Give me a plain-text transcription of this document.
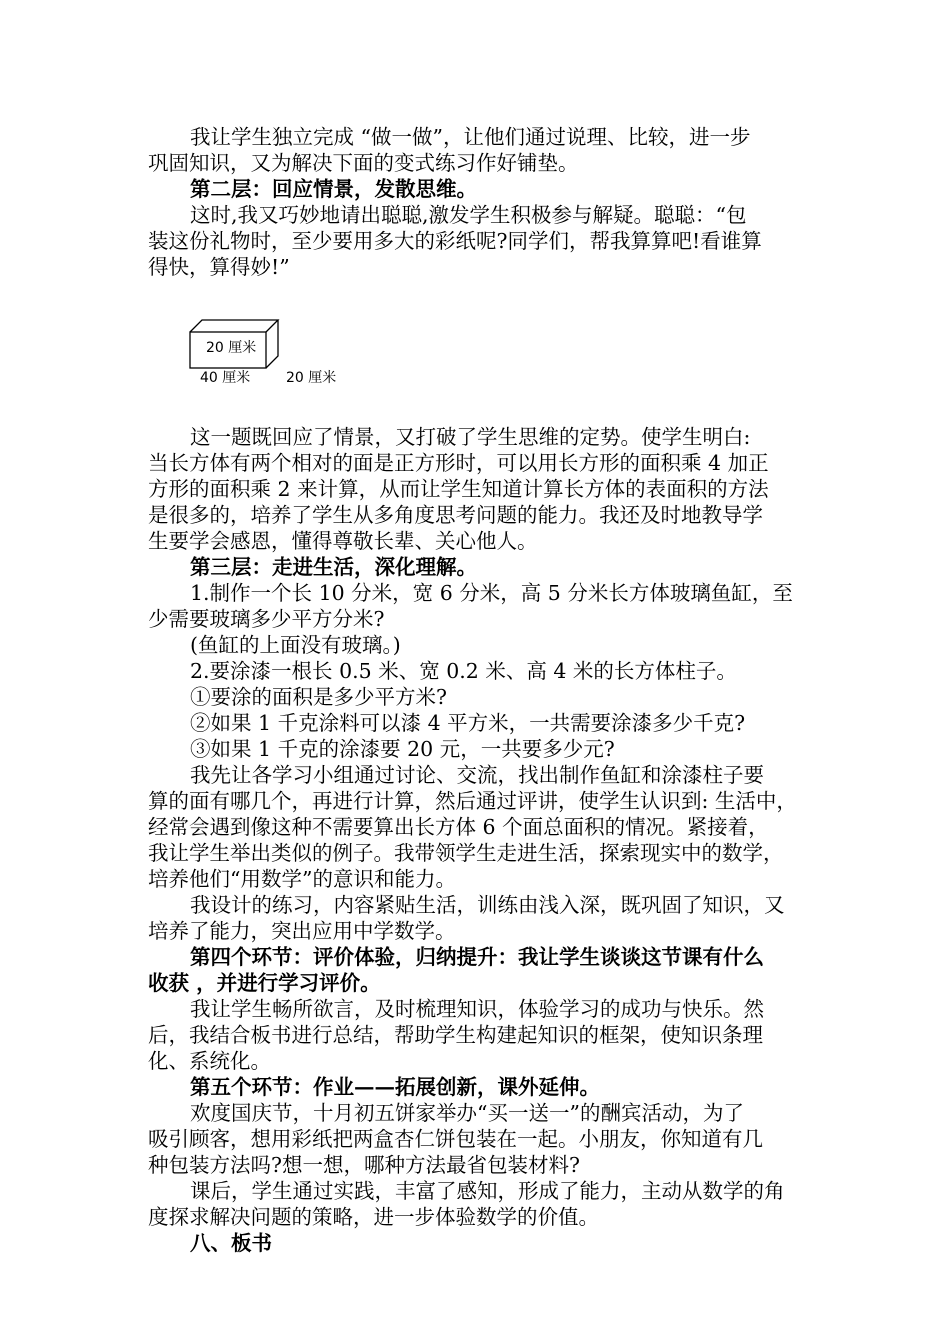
我让学生独立完成 “做一做”，让他们通过说理、比较，进一步
巩固知识，又为解决下面的变式练习作好铺垫。
第二层：回应情景，发散思维。
这时,我又巧妙地请出聪聪,激发学生积极参与解疑。聪聪：“包
装这份礼物时，至少要用多大的彩纸呢?同学们，帮我算算吧!看谁算
得快，算得妙!”
20 厘米
40 厘米	20 厘米
这一题既回应了情景，又打破了学生思维的定势。使学生明白:
当长方体有两个相对的面是正方形时，可以用长方形的面积乘 4 加正
方形的面积乘 2 来计算，从而让学生知道计算长方体的表面积的方法
是很多的，培养了学生从多角度思考问题的能力。我还及时地教导学
生要学会感恩，懂得尊敬长辈、关心他人。
第三层：走进生活，深化理解。
1.制作一个长 10 分米，宽 6 分米，高 5 分米长方体玻璃鱼缸，至
少需要玻璃多少平方分米?
(鱼缸的上面没有玻璃。)
2.要涂漆一根长 0.5 米、宽 0.2 米、高 4 米的长方体柱子。
①要涂的面积是多少平方米?
②如果 1 千克涂料可以漆 4 平方米，一共需要涂漆多少千克?
③如果 1 千克的涂漆要 20 元，一共要多少元?
我先让各学习小组通过讨论、交流，找出制作鱼缸和涂漆柱子要
算的面有哪几个，再进行计算，然后通过评讲，使学生认识到: 生活中，
经常会遇到像这种不需要算出长方体 6 个面总面积的情况。紧接着，
我让学生举出类似的例子。我带领学生走进生活，探索现实中的数学，
培养他们“用数学”的意识和能力。
我设计的练习，内容紧贴生活，训练由浅入深，既巩固了知识，又
培养了能力，突出应用中学数学。
第四个环节：评价体验，归纳提升：我让学生谈谈这节课有什么
收获 ，并进行学习评价。
我让学生畅所欲言，及时梳理知识，体验学习的成功与快乐。然
后，我结合板书进行总结，帮助学生构建起知识的框架，使知识条理
化、系统化。
第五个环节：作业——拓展创新，课外延伸。
欢度国庆节，十月初五饼家举办“买一送一”的酬宾活动，为了
吸引顾客，想用彩纸把两盒杏仁饼包装在一起。小朋友，你知道有几
种包装方法吗?想一想，哪种方法最省包装材料?
课后，学生通过实践，丰富了感知，形成了能力，主动从数学的角
度探求解决问题的策略，进一步体验数学的价值。
八、板书
